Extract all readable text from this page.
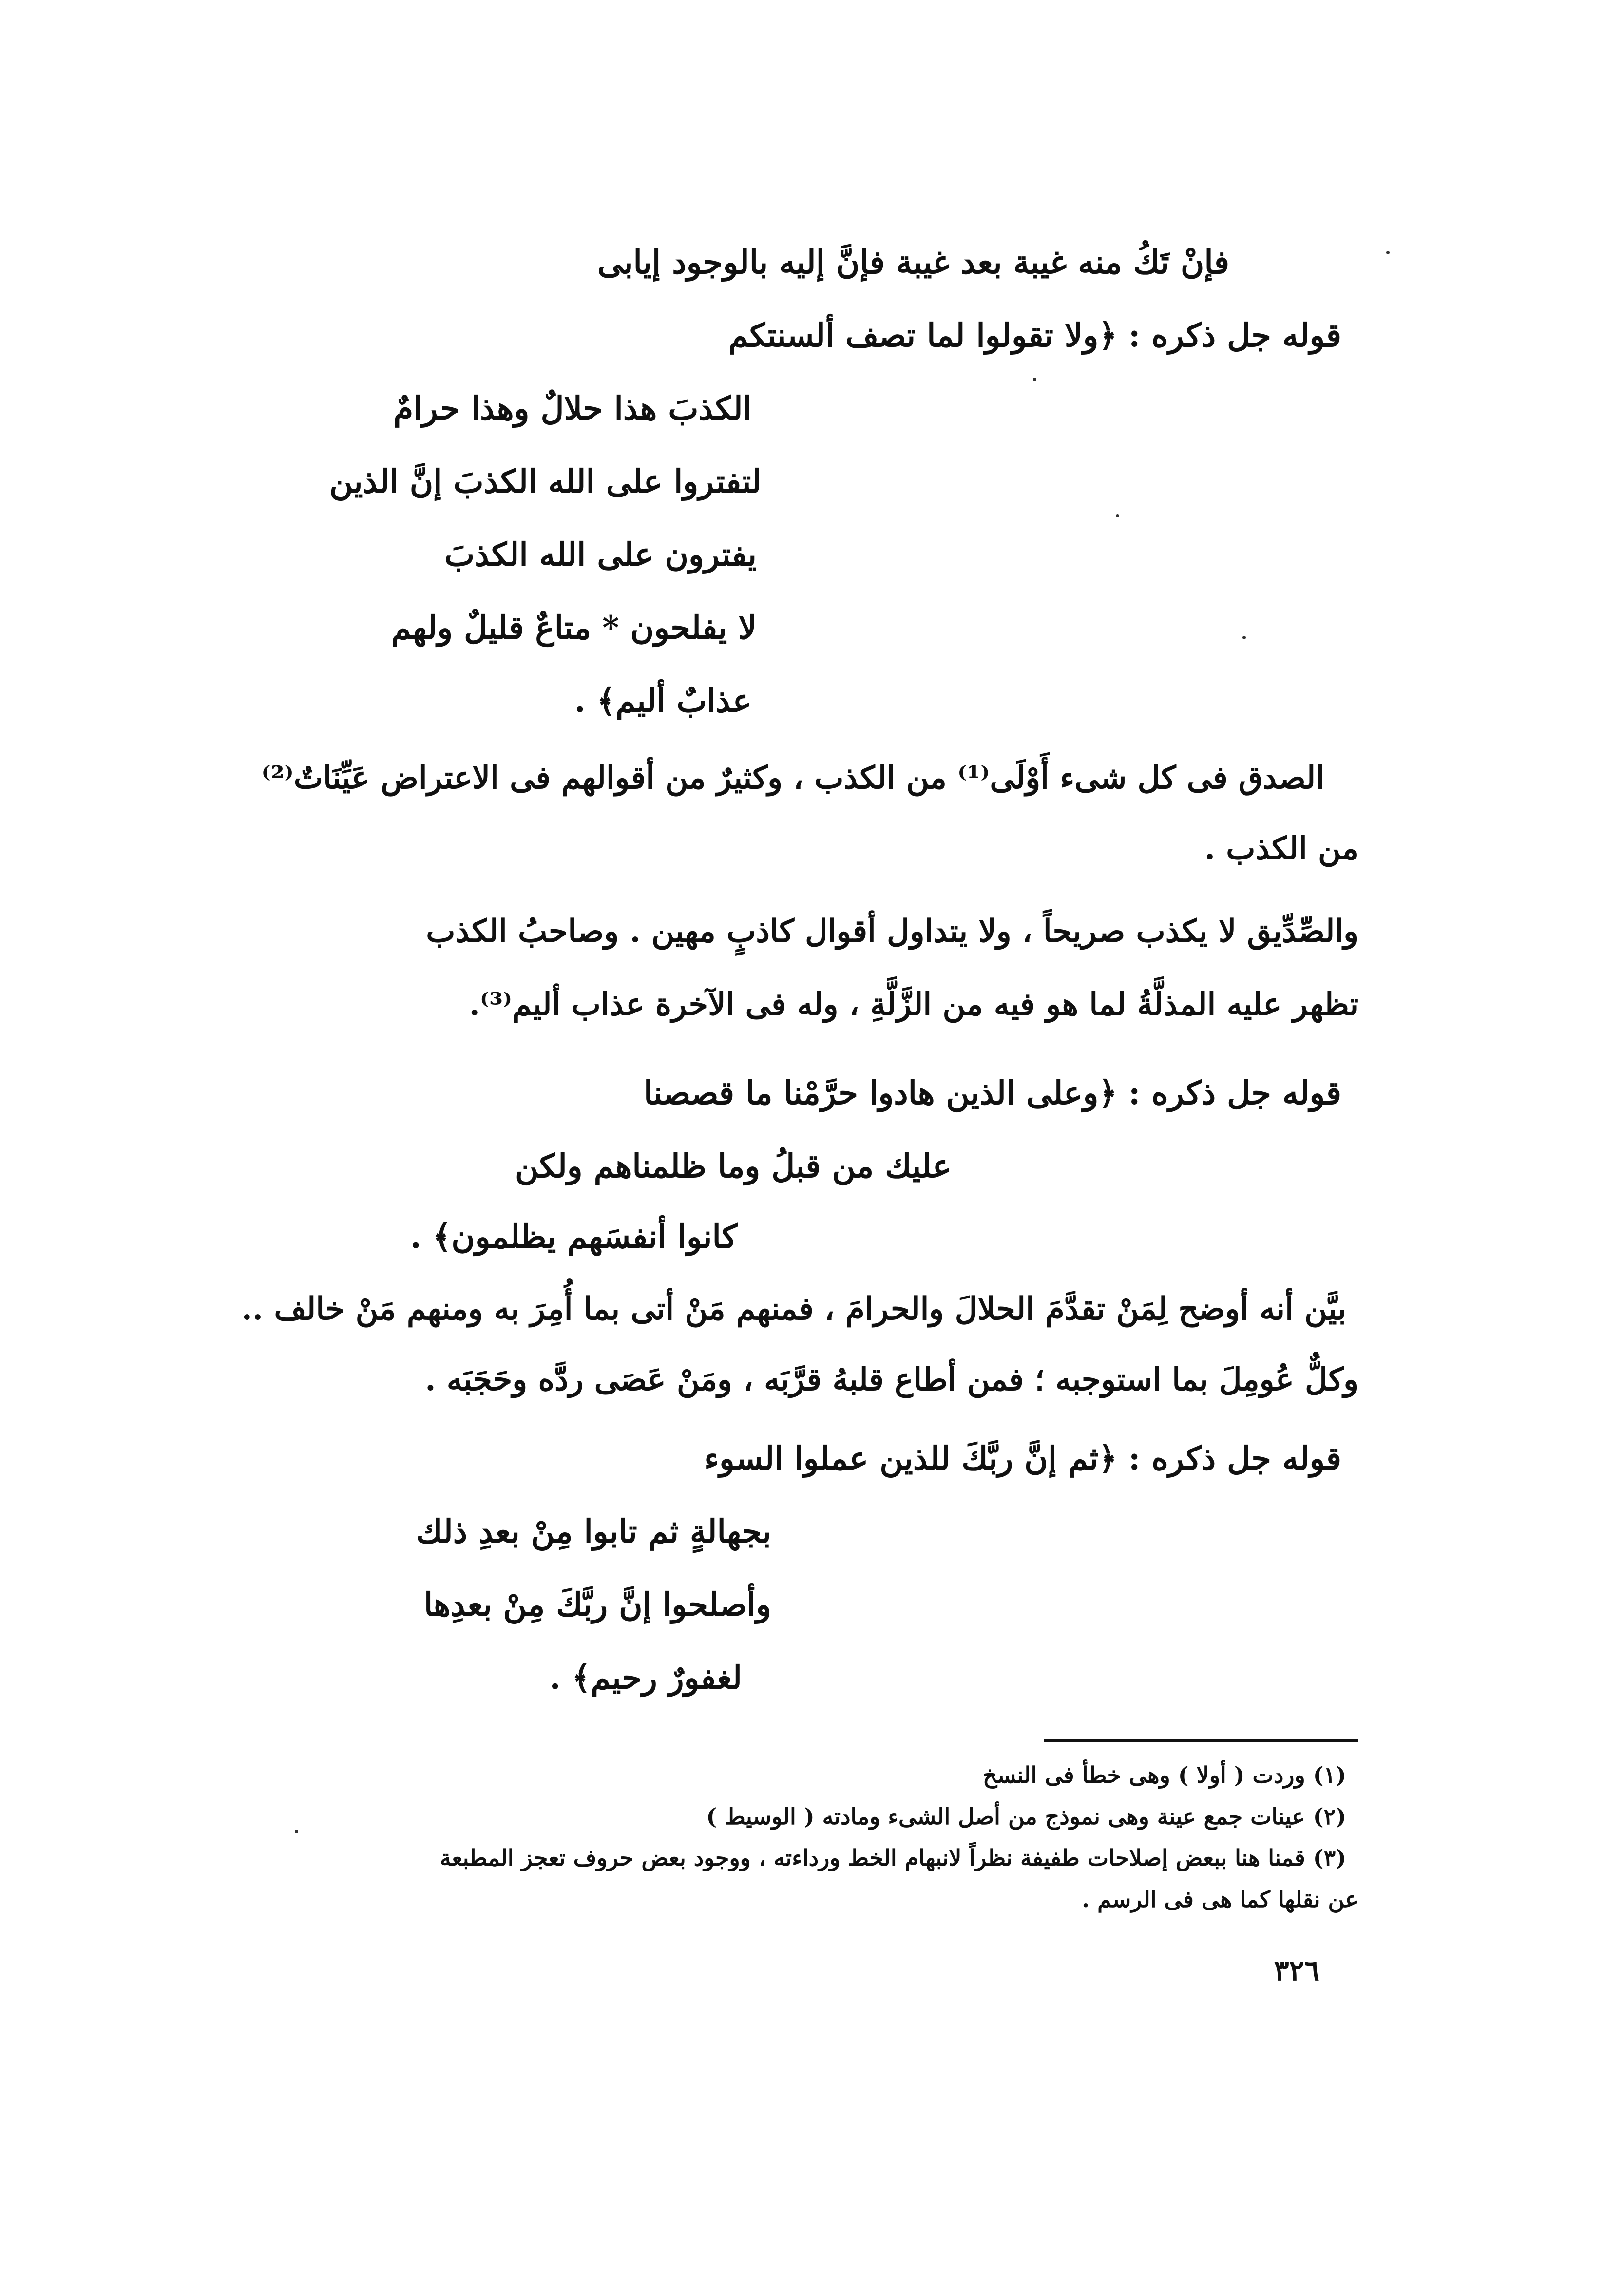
فإنْ تَكُ منه غيبة بعد غيبة فإنَّ إليه بالوجود إيابى
قوله جل ذكره : ﴿ولا تقولوا لما تصف ألسنتكم
الكذبَ هذا حلالٌ وهذا حرامٌ
لتفتروا على الله الكذبَ إنَّ الذين
يفترون على الله الكذبَ
لا يفلحون * متاعٌ قليلٌ ولهم
عذابٌ أليم﴾ .
الصدق فى كل شىء أَوْلَى⁽¹⁾ من الكذب ، وكثيرٌ من أقوالهم فى الاعتراض عَيِّنَاتٌ⁽²⁾
من الكذب .
والصِّدِّيق لا يكذب صريحاً ، ولا يتداول أقوال كاذبٍ مهين . وصاحبُ الكذب
تظهر عليه المذلَّةُ لما هو فيه من الزَّلَّةِ ، وله فى الآخرة عذاب أليم⁽³⁾.
قوله جل ذكره : ﴿وعلى الذين هادوا حرَّمْنا ما قصصنا
عليك من قبلُ وما ظلمناهم ولكن
كانوا أنفسَهم يظلمون﴾ .
بيَّن أنه أوضح لِمَنْ تقدَّمَ الحلالَ والحرامَ ، فمنهم مَنْ أتى بما أُمِرَ به ومنهم مَنْ خالف ..
وكلٌّ عُومِلَ بما استوجبه ؛ فمن أطاع قلبهُ قرَّبَه ، ومَنْ عَصَى ردَّه وحَجَبَه .
قوله جل ذكره : ﴿ثم إنَّ ربَّكَ للذين عملوا السوء
بجهالةٍ ثم تابوا مِنْ بعدِ ذلك
وأصلحوا إنَّ ربَّكَ مِنْ بعدِها
لغفورٌ رحيم﴾ .
(١) وردت ( أولا ) وهى خطأ فى النسخ
(٢) عينات جمع عينة وهى نموذج من أصل الشىء ومادته ( الوسيط )
(٣) قمنا هنا ببعض إصلاحات طفيفة نظراً لانبهام الخط ورداءته ، ووجود بعض حروف تعجز المطبعة
عن نقلها كما هى فى الرسم .
٣٢٦
